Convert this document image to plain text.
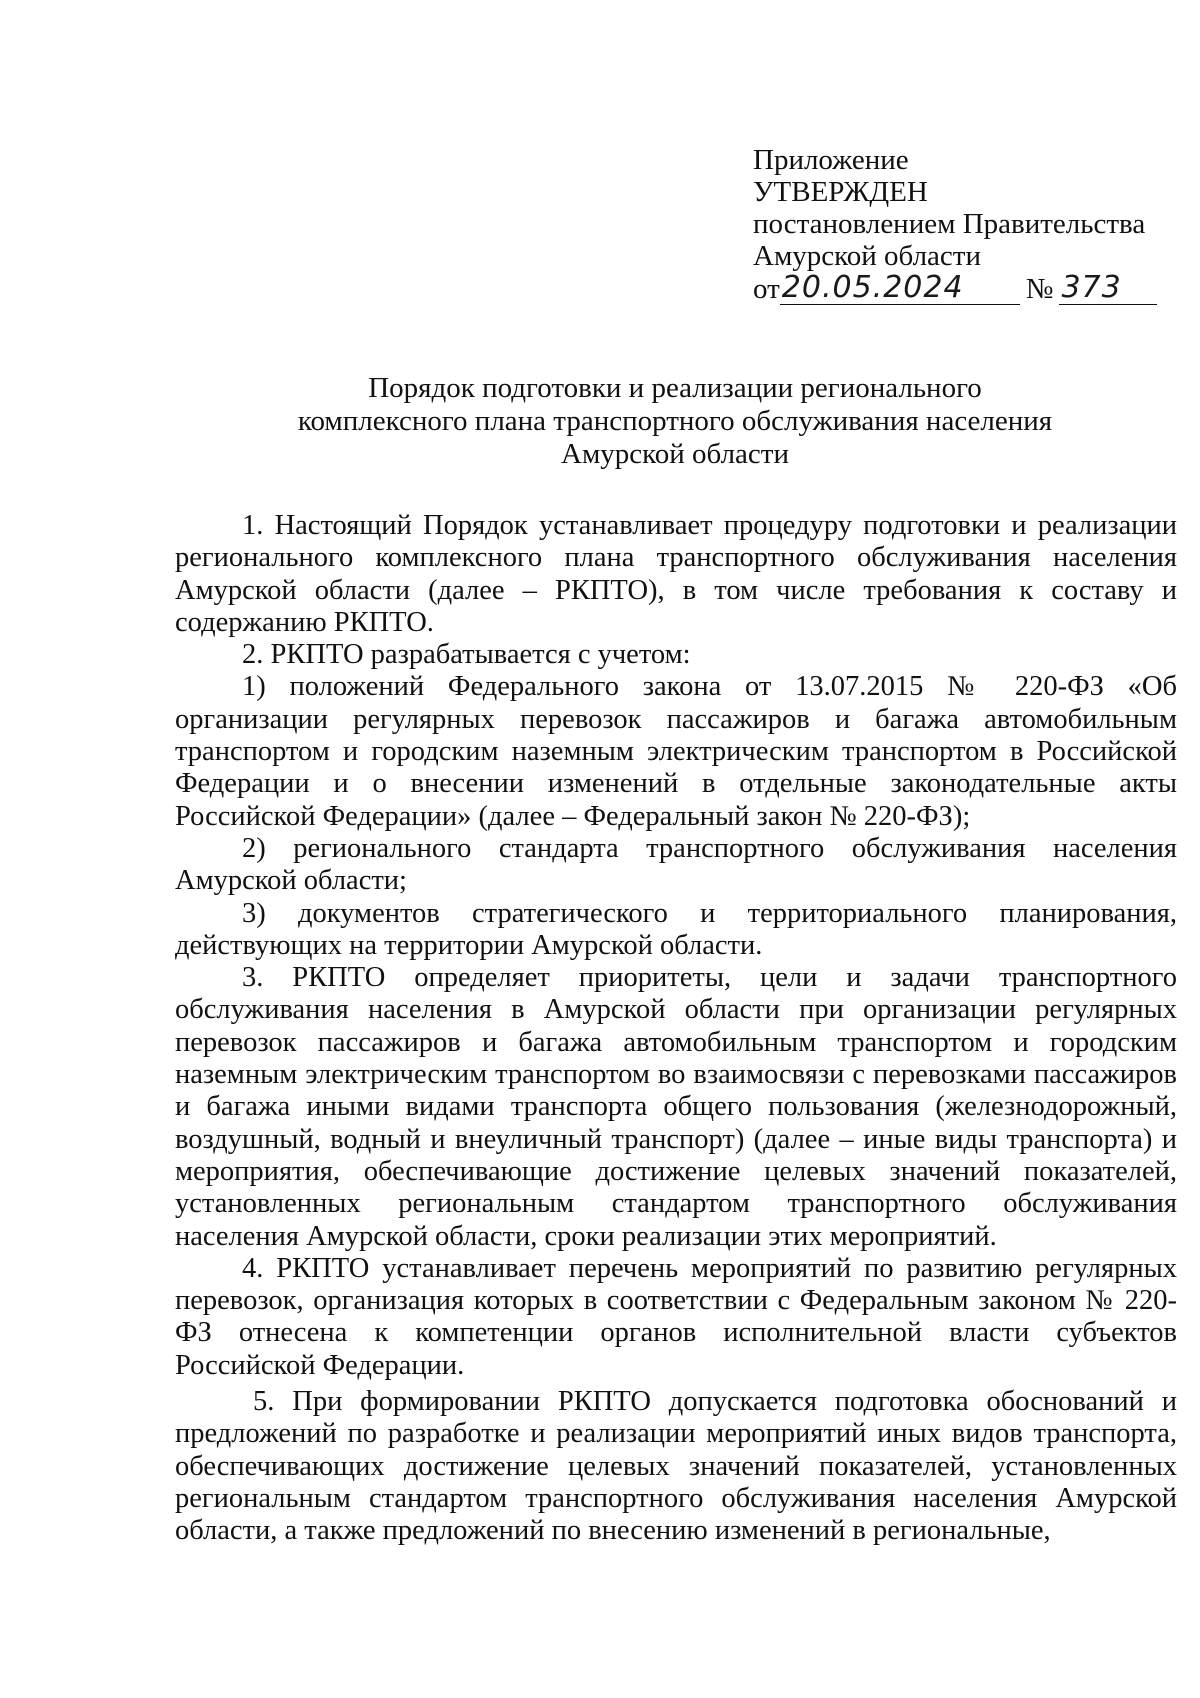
Приложение
УТВЕРЖДЕН
постановлением Правительства
Амурской области
от 20.05.2024	№ 373
Порядок подготовки и реализации регионального
комплексного плана транспортного обслуживания населения
Амурской области

1. Настоящий Порядок устанавливает процедуру подготовки и реализации регионального комплексного плана транспортного обслуживания населения Амурской области (далее – РКПТО), в том числе требования к составу и содержанию РКПТО.

2. РКПТО разрабатывается с учетом:

1) положений Федерального закона от 13.07.2015 № 220-ФЗ «Об организации регулярных перевозок пассажиров и багажа автомобильным транспортом и городским наземным электрическим транспортом в Российской Федерации и о внесении изменений в отдельные законодательные акты Российской Федерации» (далее – Федеральный закон № 220-ФЗ);

2) регионального стандарта транспортного обслуживания населения Амурской области;

3) документов стратегического и территориального планирования, действующих на территории Амурской области.

3. РКПТО определяет приоритеты, цели и задачи транспортного обслуживания населения в Амурской области при организации регулярных перевозок пассажиров и багажа автомобильным транспортом и городским наземным электрическим транспортом во взаимосвязи с перевозками пассажиров и багажа иными видами транспорта общего пользования (железнодорожный, воздушный, водный и внеуличный транспорт) (далее – иные виды транспорта) и мероприятия, обеспечивающие достижение целевых значений показателей, установленных региональным стандартом транспортного обслуживания населения Амурской области, сроки реализации этих мероприятий.

4. РКПТО устанавливает перечень мероприятий по развитию регулярных перевозок, организация которых в соответствии с Федеральным законом № 220-ФЗ отнесена к компетенции органов исполнительной власти субъектов Российской Федерации.

5. При формировании РКПТО допускается подготовка обоснований и предложений по разработке и реализации мероприятий иных видов транспорта, обеспечивающих достижение целевых значений показателей, установленных региональным стандартом транспортного обслуживания населения Амурской области, а также предложений по внесению изменений в региональные,
